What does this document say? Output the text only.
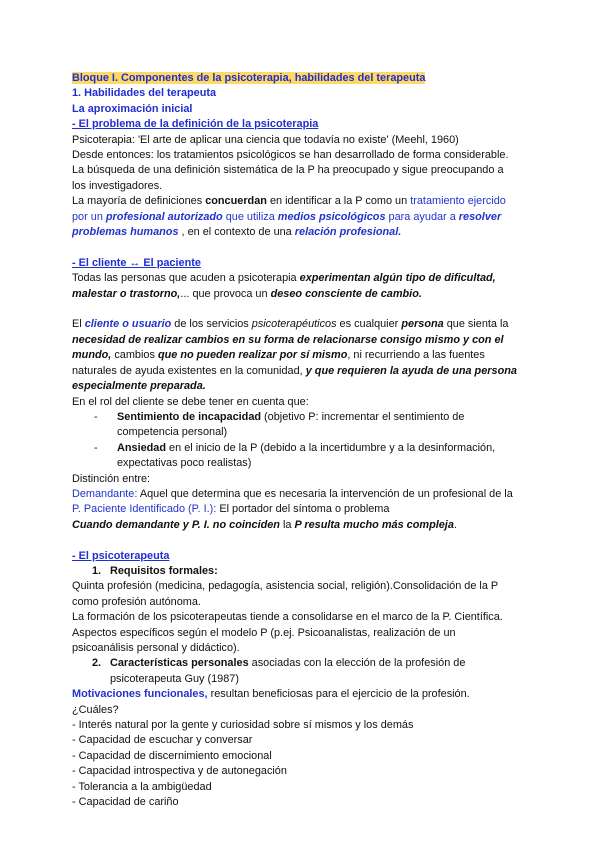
Bloque I. Componentes de la psicoterapia, habilidades del terapeuta
1. Habilidades del terapeuta
La aproximación inicial
- El problema de la definición de la psicoterapia
Psicoterapia: 'El arte de aplicar una ciencia que todavía no existe' (Meehl, 1960)
Desde entonces: los tratamientos psicológicos se han desarrollado de forma considerable.
La búsqueda de una definición sistemática de la P ha preocupado y sigue preocupando a
los investigadores.
La mayoría de definiciones concuerdan en identificar a la P como un tratamiento ejercido
por un profesional autorizado que utiliza medios psicológicos para ayudar a resolver
problemas humanos , en el contexto de una relación profesional.
- El cliente ↔ El paciente
Todas las personas que acuden a psicoterapia experimentan algún tipo de dificultad,
malestar o trastorno,... que provoca un deseo consciente de cambio.
El cliente o usuario de los servicios psicoterapéuticos es cualquier persona que sienta la
necesidad de realizar cambios en su forma de relacionarse consigo mismo y con el
mundo, cambios que no pueden realizar por sí mismo, ni recurriendo a las fuentes
naturales de ayuda existentes en la comunidad, y que requieren la ayuda de una persona
especialmente preparada.
En el rol del cliente se debe tener en cuenta que:
- Sentimiento de incapacidad (objetivo P: incrementar el sentimiento de
competencia personal)
- Ansiedad en el inicio de la P (debido a la incertidumbre y a la desinformación,
expectativas poco realistas)
Distinción entre:
Demandante: Aquel que determina que es necesaria la intervención de un profesional de la
P. Paciente Identificado (P. I.): El portador del síntoma o problema
Cuando demandante y P. I. no coinciden la P resulta mucho más compleja.
- El psicoterapeuta
1. Requisitos formales:
Quinta profesión (medicina, pedagogía, asistencia social, religión).Consolidación de la P
como profesión autónoma.
La formación de los psicoterapeutas tiende a consolidarse en el marco de la P. Científica.
Aspectos específicos según el modelo P (p.ej. Psicoanalistas, realización de un
psicoanálisis personal y didáctico).
2. Características personales asociadas con la elección de la profesión de
psicoterapeuta Guy (1987)
Motivaciones funcionales, resultan beneficiosas para el ejercicio de la profesión.
¿Cuáles?
- Interés natural por la gente y curiosidad sobre sí mismos y los demás
- Capacidad de escuchar y conversar
- Capacidad de discernimiento emocional
- Capacidad introspectiva y de autonegación
- Tolerancia a la ambigüedad
- Capacidad de cariño
